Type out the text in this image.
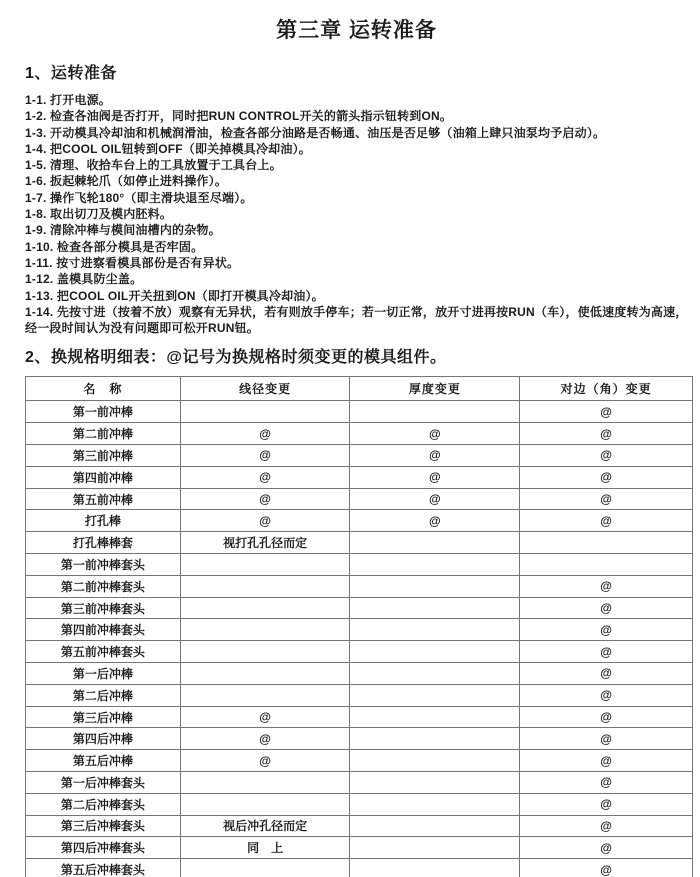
第三章 运转准备
1、运转准备
1-1. 打开电源。
1-2. 检查各油阀是否打开，同时把RUN CONTROL开关的箭头指示钮转到ON。
1-3. 开动模具冷却油和机械润滑油，检查各部分油路是否畅通、油压是否足够（油箱上肆只油泵均予启动）。
1-4. 把COOL OIL钮转到OFF（即关掉模具冷却油）。
1-5. 清理、收拾车台上的工具放置于工具台上。
1-6. 扳起棘轮爪（如停止进料操作）。
1-7. 操作飞轮180°（即主滑块退至尽端）。
1-8. 取出切刀及模内胚料。
1-9. 清除冲棒与模间油槽内的杂物。
1-10. 检查各部分模具是否牢固。
1-11. 按寸进察看模具部份是否有异状。
1-12. 盖模具防尘盖。
1-13. 把COOL OIL开关扭到ON（即打开模具冷却油）。
1-14. 先按寸进（按着不放）观察有无异状，若有则放手停车；若一切正常，放开寸进再按RUN（车），使低速度转为高速，经一段时间认为没有问题即可松开RUN钮。
2、换规格明细表：@记号为换规格时须变更的模具组件。
名　称	线径变更	厚度变更	对边（角）变更
第一前冲棒			@
第二前冲棒	@	@	@
第三前冲棒	@	@	@
第四前冲棒	@	@	@
第五前冲棒	@	@	@
打孔棒	@	@	@
打孔棒棒套	视打孔孔径而定		
第一前冲棒套头			
第二前冲棒套头			@
第三前冲棒套头			@
第四前冲棒套头			@
第五前冲棒套头			@
第一后冲棒			@
第二后冲棒			@
第三后冲棒	@		@
第四后冲棒	@		@
第五后冲棒	@		@
第一后冲棒套头			@
第二后冲棒套头			@
第三后冲棒套头	视后冲孔径而定		@
第四后冲棒套头	同　上		@
第五后冲棒套头			@
